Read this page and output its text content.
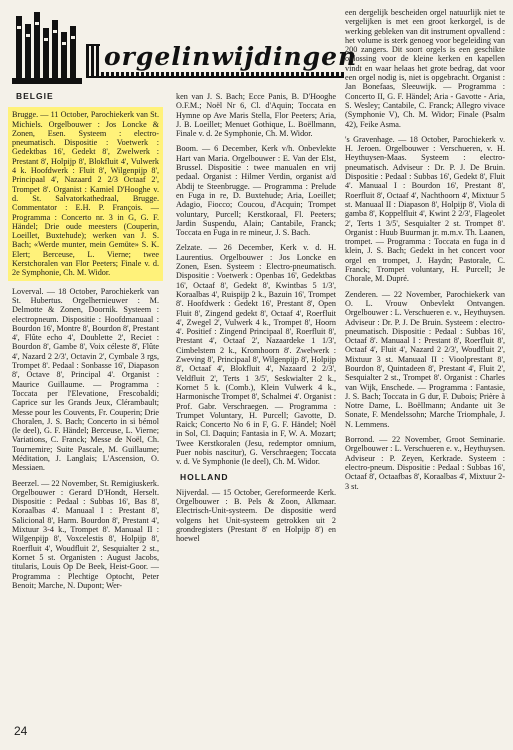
orgelinwijdingen
BELGIE

Brugge. — 11 October, Parochiekerk van St. Michiels. Orgelbouwer : Jos Loncke & Zonen, Esen. Systeem : electro-pneumatisch. Dispositie : Voetwerk : Gedektbas 16', Gedekt 8', Zwelwerk : Prestant 8', Holpijp 8', Blokfluit 4', Vulwerk 4 k. Hoofdwerk : Fluit 8', Wilgenpijp 8', Principaal 4', Nazaard 2 2/3 Octaaf 2', Trompet 8'. Organist : Kamiel D'Hooghe v. d. St. Salvatorkathedraal, Brugge. Commentator : E.H. P. François. — Programma : Concerto nr. 3 in G, G. F. Händel; Drie oude meesters (Couperin, Loeillet, Buxtehude); werken van J. S. Bach; «Werde munter, mein Gemüte» S. K. Elert; Berceuse, L. Vierne; twee Kerstchoralen van Flor Peeters; Finale v. d. 2e Symphonie, Ch. M. Widor.

Loverval. — 18 October, Parochiekerk van St. Hubertus. Orgelhernieuwer : M. Delmotte & Zonen, Doornik. Systeem : electropneum. Dispositie : Hoofdmanuaal : Bourdon 16', Montre 8', Bourdon 8', Prestant 4', Flûte echo 4', Doublette 2', Reciet : Bourdon 8', Gambe 8', Voix céleste 8', Flûte 4', Nazard 2 2/3', Octavin 2', Cymbale 3 rgs, Trompet 8'. Pedaal : Sonbasse 16', Diapason 8', Octave 8', Principal 4'. Organist : Maurice Guillaume. — Programma : Toccata per l'Elevatione, Frescobaldi; Caprice sur les Grands Jeux, Clérambault; Messe pour les Couvents, Fr. Couperin; Drie Choralen, J. S. Bach; Concerto in si bémol (le deel), G. F. Händel; Berceuse, L. Vierne; Variations, C. Franck; Messe de Noël, Ch. Tournemire; Suite Pascale, M. Guillaume; Méditation, J. Langlais; L'Ascension, O. Messiaen.

Beerzel. — 22 November, St. Remigiuskerk. Orgelbouwer : Gerard D'Hondt, Herselt. Dispositie : Pedaal : Subbas 16', Bas 8', Koraalbas 4'. Manuaal I : Prestant 8', Salicional 8', Harm. Bourdon 8', Prestant 4', Mixtuur 3-4 k., Trompet 8'. Manuaal II : Wilgenpijp 8', Voxcelestis 8', Holpijp 8', Roerfluit 4', Woudfluit 2', Sesquialter 2 st., Kornet 5 st. Organisten : August Jacobs, titularis, Louis Op De Beek, Heist-Goor. — Programma : Plechtige Optocht, Peter Benoit; Marche, N. Dupont; Wer-

ken van J. S. Bach; Ecce Panis, B. D'Hooghe O.F.M.; Noël Nr 6, Cl. d'Aquin; Toccata en Hymne op Ave Maris Stella, Flor Peeters; Aria, J. B. Loeillet; Menuet Gothique, L. Boëllmann, Finale v. d. 2e Symphonie, Ch. M. Widor.

Boom. — 6 December, Kerk v/h. Onbevlekte Hart van Maria. Orgelbouwer : E. Van der Elst, Brussel. Dispositie : twee manualen en vrij pedaal. Organist : Hilmer Verdin, organist a/d Abdij te Steenbrugge. — Programma : Prelude en Fuga in re, D. Buxtehude; Aria, Loeillet; Adagio, Fiocco; Coucou, d'Acquin; Trompet voluntary, Purcell; Kerstkoraal, Fl. Peeters; Jardin Suspendu, Alain; Cantabile, Franck; Toccata en Fuga in re mineur, J. S. Bach.

Zelzate. — 26 December, Kerk v. d. H. Laurentius. Orgelbouwer : Jos Loncke en Zonen, Esen. Systeem : Electro-pneumatisch. Dispositie : Voetwerk : Openbas 16', Gedektbas 16', Octaaf 8', Gedekt 8', Kwintbas 5 1/3', Koraalbas 4', Ruispijp 2 k., Bazuin 16', Trompet 8'. Hoofdwerk : Gedekt 16', Prestant 8', Open Fluit 8', Zingend gedekt 8', Octaaf 4', Roerfluit 4', Zwegel 2', Vulwerk 4 k., Trompet 8', Hoorn 4'. Positief : Zingend Principaal 8', Roerfluit 8', Prestant 4', Octaaf 2', Nazaardeke 1 1/3', Cimbelstem 2 k., Kromhoorn 8'. Zwelwerk : Zweving 8', Principaal 8', Wilgenpijp 8', Holpijp 8', Octaaf 4', Blokfluit 4', Nazaard 2 2/3', Veldfluit 2', Terts 1 3/5', Seskwialter 2 k., Kornet 5 k. (Comb.), Klein Vulwerk 4 k., Harmonische Trompet 8', Schalmei 4'. Organist : Prof. Gabr. Verschraegen. — Programma : Trumpet Voluntary, H. Purcell; Gavotte, D. Raick; Concerto No 6 in F, G. F. Händel; Noël in Sol, Cl. Daquin; Fantasia in F, W. A. Mozart; Twee Kerstkoralen (Jesu, redemptor omnium, Puer nobis nascitur), G. Verschraegen; Toccata v. d. Ve Symphonie (le deel), Ch. M. Widor.

HOLLAND

Nijverdal. — 15 October, Gereformeerde Kerk. Orgelbouwer : B. Pels & Zoon, Alkmaar. Electrisch-Unit-systeem. De dispositie werd volgens het Unit-systeem getrokken uit 2 grondregisters (Prestant 8' en Holpijp 8') en hoewel

een dergelijk bescheiden orgel natuurlijk niet te vergelijken is met een groot kerkorgel, is de werking gebleken van dit instrument opvallend : het volume is sterk genoeg voor begeleiding van 200 zangers. Dit soort orgels is een geschikte oplossing voor de kleine kerken en kapellen vindt en waar helaas het grote bedrag, dat voor een orgel nodig is, niet is opgebracht. Organist : Jan Bonefaas, Sleeuwijk. — Programma : Concerto II, G. F. Händel; Aria - Gavotte - Aria, S. Wesley; Cantabile, C. Franck; Allegro vivace (Symphonie V), Ch. M. Widor; Finale (Psalm 42), Feike Asma.

's Gravenhage. — 18 October, Parochiekerk v. H. Jeroen. Orgelbouwer : Verschueren, v. H. Heythuysen-Maas. Systeem : electro-pneumatisch. Adviseur : Dr. P. J. De Bruin. Dispositie : Pedaal : Subbas 16', Gedekt 8', Fluit 4'. Manuaal I : Bourdon 16', Prestant 8', Roerfluit 8', Octaaf 4', Nachthoorn 4', Mixtuur 5 st. Manuaal II : Diapason 8', Holpijp 8', Viola di gamba 8', Koppelfluit 4', Kwint 2 2/3', Flageolet 2', Terts 1 3/5', Sesquialter 2 st. Trompet 8'. Organist : Huub Buurman jr. m.m.v. Th. Laanen, trompet. — Programma : Toccata en fuga in d klein, J. S. Bach; Gedekt in het concert voor orgel en trompet, J. Haydn; Pastorale, C. Franck; Trompet voluntary, H. Purcell; Je Chorale, M. Dupré.

Zenderen. — 22 November, Parochiekerk van O. L. Vrouw Onbevlekt Ontvangen. Orgelbouwer : L. Verschueren e. v., Heythuysen. Adviseur : Dr. P. J. De Bruin. Systeem : electro-pneumatisch. Dispositie : Pedaal : Subbas 16', Octaaf 8'. Manuaal I : Prestant 8', Roerfluit 8', Octaaf 4', Fluit 4', Nazard 2 2/3', Woudfluit 2', Mixtuur 3 st. Manuaal II : Vioolprestant 8', Bourdon 8', Quintadeen 8', Prestant 4', Fluit 2', Sesquialter 2 st., Trompet 8'. Organist : Charles van Wijk, Enschede. — Programma : Fantasie, J. S. Bach; Toccata in G dur, F. Dubois; Prière à Notre Dame, L. Boëllmann; Andante uit 3e Sonate, F. Mendelssohn; Marche Triomphale, J. N. Lemmens.

Borrond. — 22 November, Groot Seminarie. Orgelbouwer : L. Verschueren e. v., Heythuysen. Adviseur : P. Zeyen, Kerkrade. Systeem : electro-pneum. Dispositie : Pedaal : Subbas 16', Octaaf 8', Octaafbas 8', Koraalbas 4', Mixtuur 2-3 st.

24
